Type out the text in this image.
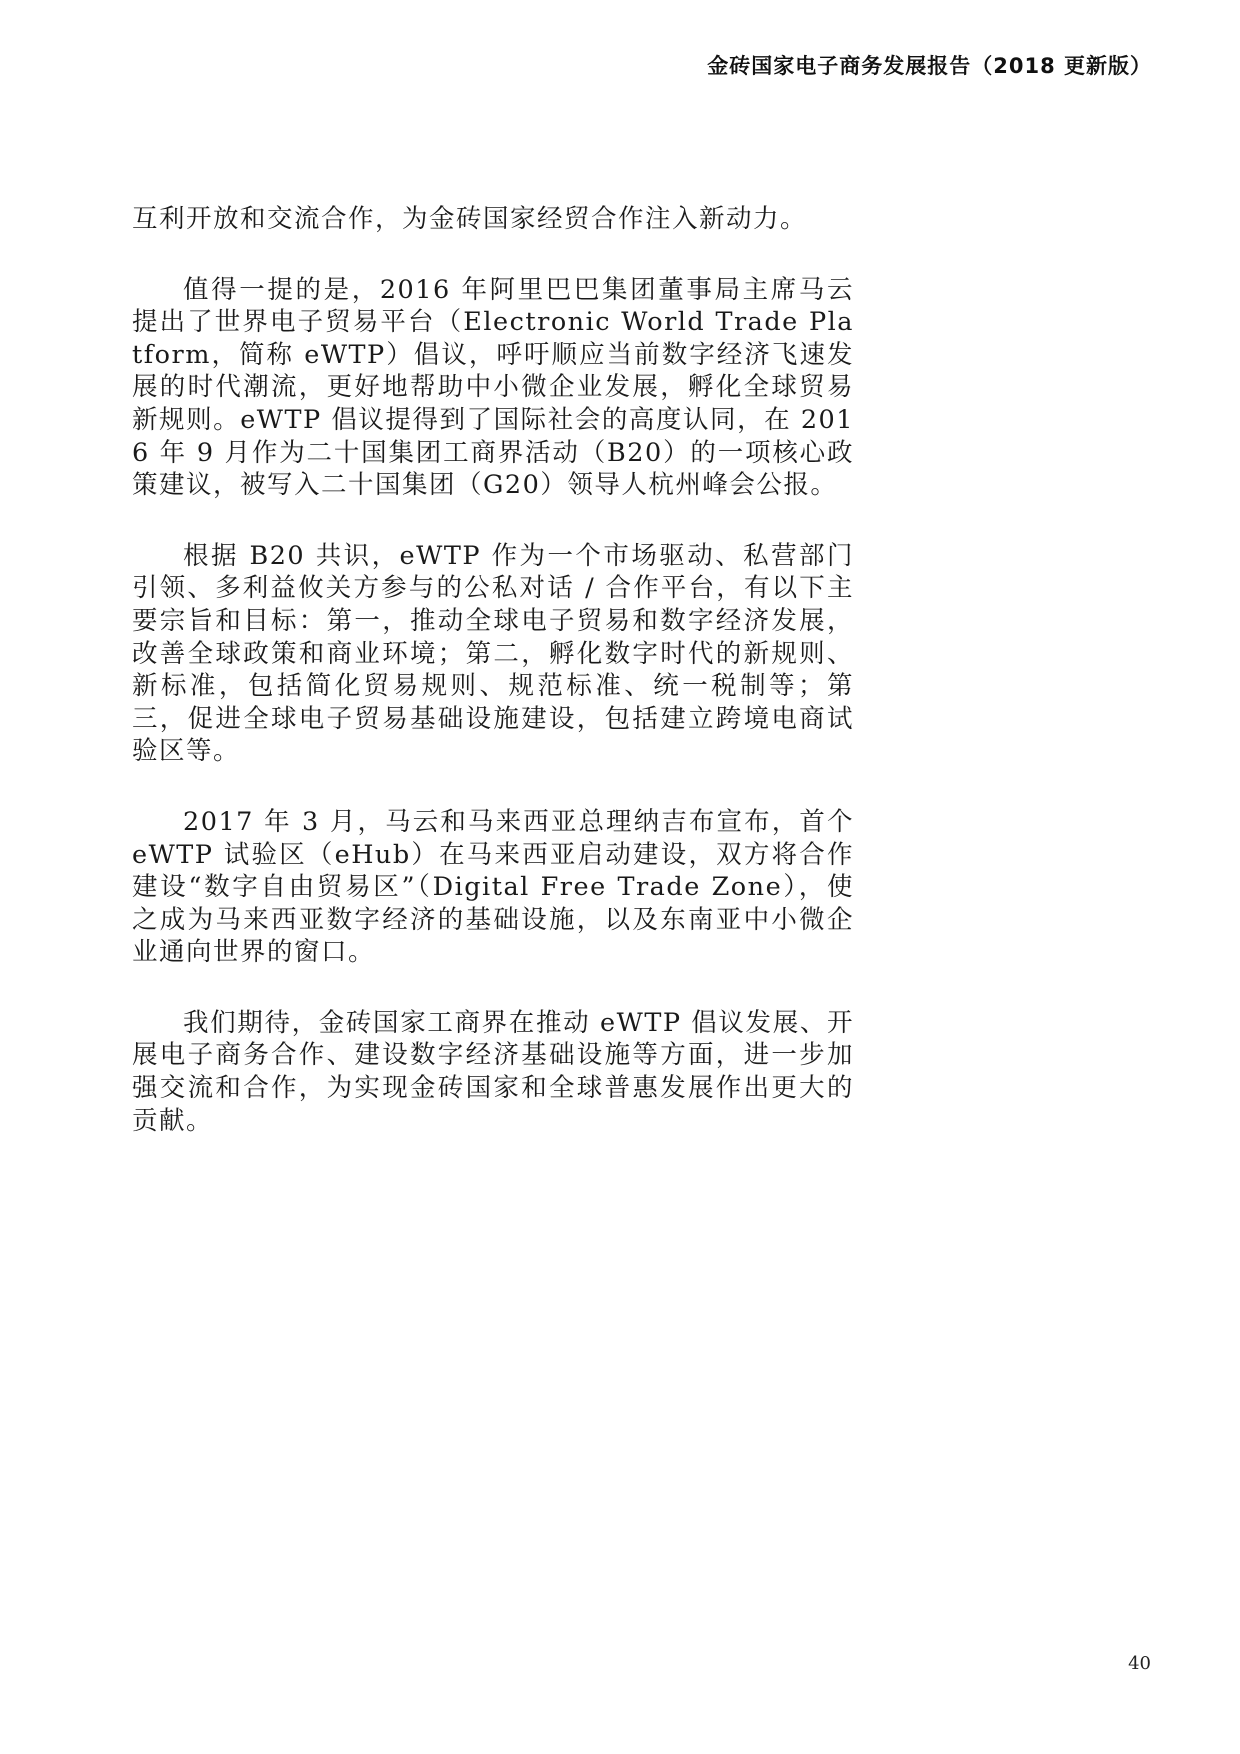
金砖国家电子商务发展报告（2018 更新版）

互利开放和交流合作，为金砖国家经贸合作注入新动力。

值得一提的是，2016 年阿里巴巴集团董事局主席马云提出了世界电子贸易平台（Electronic World Trade Platform，简称 eWTP）倡议，呼吁顺应当前数字经济飞速发展的时代潮流，更好地帮助中小微企业发展，孵化全球贸易新规则。eWTP 倡议提得到了国际社会的高度认同，在 2016 年 9 月作为二十国集团工商界活动（B20）的一项核心政策建议，被写入二十国集团（G20）领导人杭州峰会公报。

根据 B20 共识，eWTP 作为一个市场驱动、私营部门引领、多利益攸关方参与的公私对话 / 合作平台，有以下主要宗旨和目标：第一，推动全球电子贸易和数字经济发展，改善全球政策和商业环境；第二，孵化数字时代的新规则、新标准，包括简化贸易规则、规范标准、统一税制等；第三，促进全球电子贸易基础设施建设，包括建立跨境电商试验区等。

2017 年 3 月，马云和马来西亚总理纳吉布宣布，首个eWTP 试验区（eHub）在马来西亚启动建设，双方将合作建设“数字自由贸易区”（Digital Free Trade Zone），使之成为马来西亚数字经济的基础设施，以及东南亚中小微企业通向世界的窗口。

我们期待，金砖国家工商界在推动 eWTP 倡议发展、开展电子商务合作、建设数字经济基础设施等方面，进一步加强交流和合作，为实现金砖国家和全球普惠发展作出更大的贡献。

40
